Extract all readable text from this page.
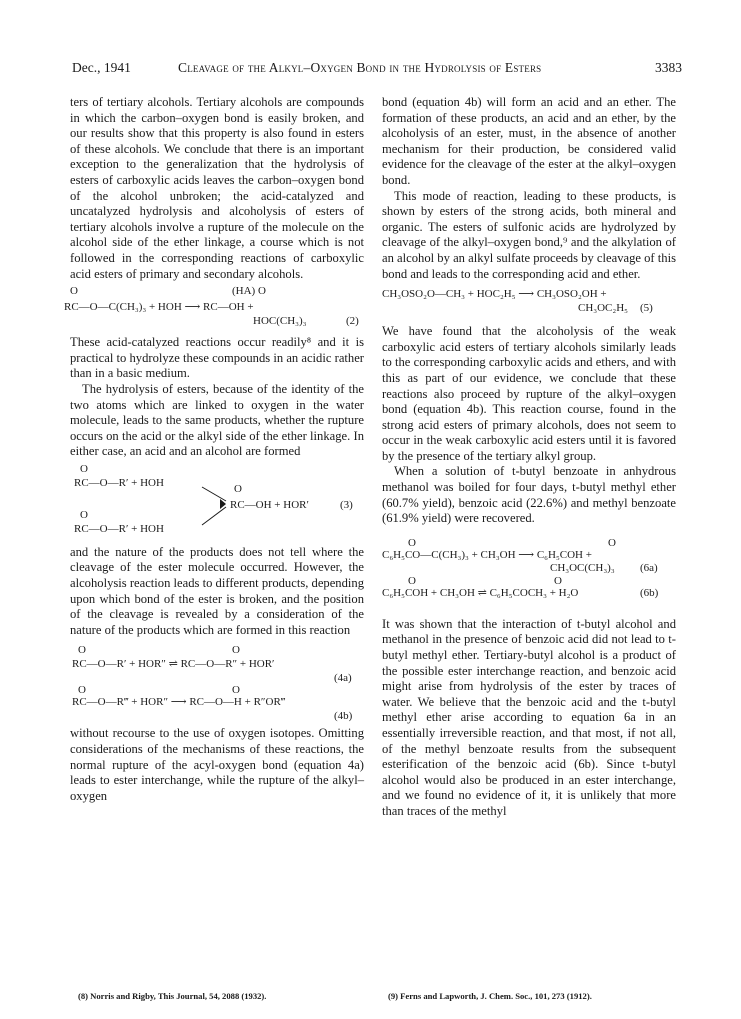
Dec., 1941	Cleavage of the Alkyl–Oxygen Bond in the Hydrolysis of Esters	3383

ters of tertiary alcohols. Tertiary alcohols are compounds in which the carbon–oxygen bond is easily broken, and our results show that this property is also found in esters of these alcohols. We conclude that there is an important exception to the generalization that the hydrolysis of esters of carboxylic acids leaves the carbon–oxygen bond of the alcohol unbroken; the acid-catalyzed and uncatalyzed hydrolysis and alcoholysis of esters of tertiary alcohols involve a rupture of the molecule on the alcohol side of the ether linkage, a course which is not followed in the corresponding reactions of carboxylic acid esters of primary and secondary alcohols.

O	(HA) O
RC—O—C(CH₃)₃ + HOH ⟶ RC—OH +
HOC(CH₃)₃	(2)

These acid-catalyzed reactions occur readily⁸ and it is practical to hydrolyze these compounds in an acidic rather than in a basic medium.

The hydrolysis of esters, because of the identity of the two atoms which are linked to oxygen in the water molecule, leads to the same products, whether the rupture occurs on the acid or the alkyl side of the ether linkage. In either case, an acid and an alcohol are formed

O
RC—O—R′ + HOH	O
RC—OH + HOR′	(3)
O
RC—O—R′ + HOH

and the nature of the products does not tell where the cleavage of the ester molecule occurred. However, the alcoholysis reaction leads to different products, depending upon which bond of the ester is broken, and the position of the cleavage is revealed by a consideration of the nature of the products which are formed in this reaction

O	O
RC—O—R′ + HOR″ ⇌ RC—O—R″ + HOR′
(4a)
O	O
RC—O—R‴ + HOR″ ⟶ RC—O—H + R″OR‴
(4b)

without recourse to the use of oxygen isotopes. Omitting considerations of the mechanisms of these reactions, the normal rupture of the acyl-oxygen bond (equation 4a) leads to ester interchange, while the rupture of the alkyl–oxygen

bond (equation 4b) will form an acid and an ether. The formation of these products, an acid and an ether, by the alcoholysis of an ester, must, in the absence of another mechanism for their production, be considered valid evidence for the cleavage of the ester at the alkyl–oxygen bond.

This mode of reaction, leading to these products, is shown by esters of the strong acids, both mineral and organic. The esters of sulfonic acids are hydrolyzed by cleavage of the alkyl–oxygen bond,⁹ and the alkylation of an alcohol by an alkyl sulfate proceeds by cleavage of this bond and leads to the corresponding acid and ether.

CH₃OSO₂O—CH₃ + HOC₂H₅ ⟶ CH₃OSO₂OH +
CH₃OC₂H₅ (5)

We have found that the alcoholysis of the weak carboxylic acid esters of tertiary alcohols similarly leads to the corresponding carboxylic acids and ethers, and with this as part of our evidence, we conclude that these reactions also proceed by rupture of the alkyl–oxygen bond (equation 4b). This reaction course, found in the strong acid esters of primary alcohols, does not seem to occur in the weak carboxylic acid esters until it is favored by the presence of the tertiary alkyl group.

When a solution of t-butyl benzoate in anhydrous methanol was boiled for four days, t-butyl methyl ether (60.7% yield), benzoic acid (22.6%) and methyl benzoate (61.9% yield) were recovered.

O	O
C₆H₅CO—C(CH₃)₃ + CH₃OH ⟶ C₆H₅COH +
CH₃OC(CH₃)₃ (6a)
O	O
C₆H₅COH + CH₃OH ⇌ C₆H₅COCH₃ + H₂O	(6b)

It was shown that the interaction of t-butyl alcohol and methanol in the presence of benzoic acid did not lead to t-butyl methyl ether. Tertiary-butyl alcohol is a product of the possible ester interchange reaction, and benzoic acid might arise from hydrolysis of the ester by traces of water. We believe that the benzoic acid and the t-butyl methyl ether arise according to equation 6a in an essentially irreversible reaction, and that most, if not all, of the methyl benzoate results from the subsequent esterification of the benzoic acid (6b). Since t-butyl alcohol would also be produced in an ester interchange, and we found no evidence of it, it is unlikely that more than traces of the methyl

(8) Norris and Rigby, This Journal, 54, 2088 (1932).	(9) Ferns and Lapworth, J. Chem. Soc., 101, 273 (1912).
